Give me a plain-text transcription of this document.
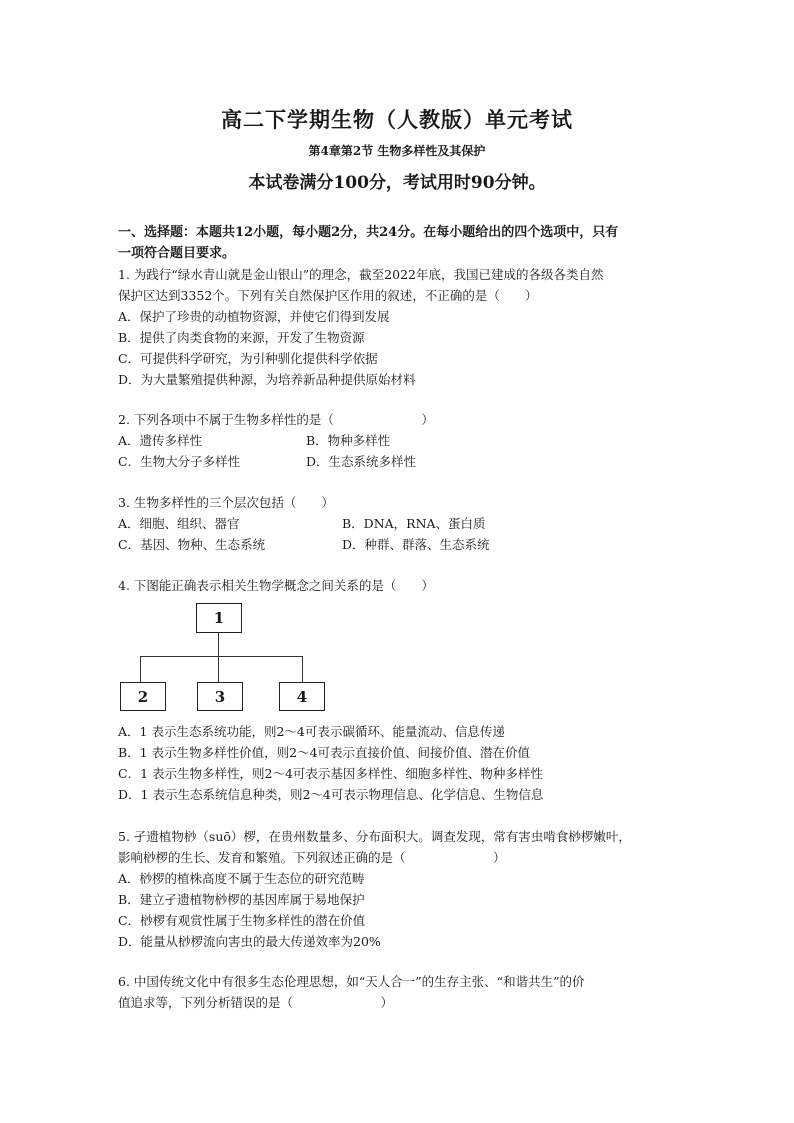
高二下学期生物（人教版）单元考试
第4章第2节 生物多样性及其保护
本试卷满分100分，考试用时90分钟。
一、选择题：本题共12小题，每小题2分，共24分。在每小题给出的四个选项中，只有
一项符合题目要求。
1. 为践行“绿水青山就是金山银山”的理念，截至2022年底，我国已建成的各级各类自然
保护区达到3352个。下列有关自然保护区作用的叙述，不正确的是（　　）
A．保护了珍贵的动植物资源，并使它们得到发展
B．提供了肉类食物的来源，开发了生物资源
C．可提供科学研究，为引种驯化提供科学依据
D．为大量繁殖提供种源，为培养新品种提供原始材料
2. 下列各项中不属于生物多样性的是（　　　　　　　）
A．遗传多样性	B．物种多样性
C．生物大分子多样性	D．生态系统多样性
3. 生物多样性的三个层次包括（　　）
A．细胞、组织、器官	B．DNA，RNA、蛋白质
C．基因、物种、生态系统	D．种群、群落、生态系统
4. 下图能正确表示相关生物学概念之间关系的是（　　）
1
2	3	4
A．1 表示生态系统功能，则2～4可表示碳循环、能量流动、信息传递
B．1 表示生物多样性价值，则2～4可表示直接价值、间接价值、潜在价值
C．1 表示生物多样性，则2～4可表示基因多样性、细胞多样性、物种多样性
D．1 表示生态系统信息种类，则2～4可表示物理信息、化学信息、生物信息
5. 孑遗植物桫（suō）椤，在贵州数量多、分布面积大。调查发现，常有害虫啃食桫椤嫩叶，
影响桫椤的生长、发育和繁殖。下列叙述正确的是（　　　　　　　）
A．桫椤的植株高度不属于生态位的研究范畴
B．建立孑遗植物桫椤的基因库属于易地保护
C．桫椤有观赏性属于生物多样性的潜在价值
D．能量从桫椤流向害虫的最大传递效率为20%
6. 中国传统文化中有很多生态伦理思想，如“天人合一”的生存主张、“和谐共生”的价
值追求等，下列分析错误的是（　　　　　　　）
